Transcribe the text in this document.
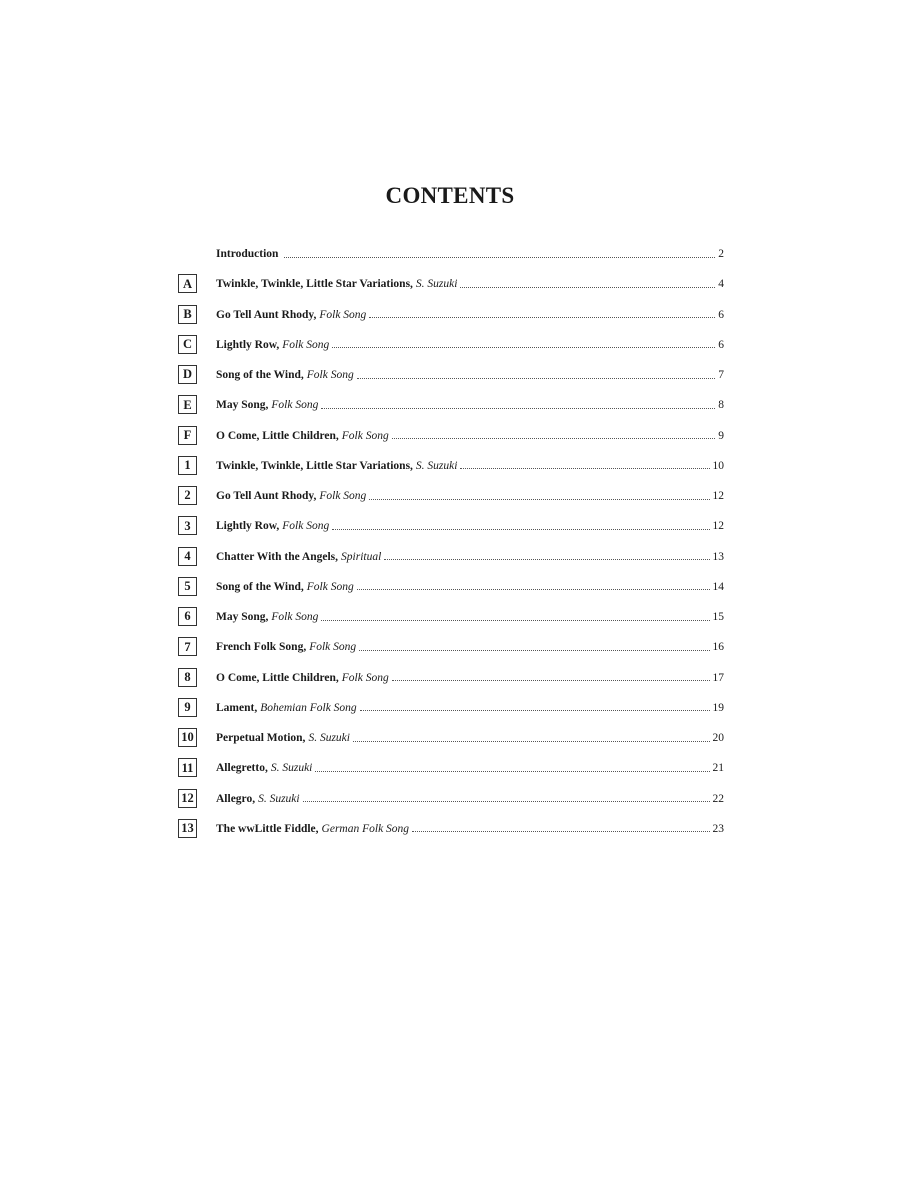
CONTENTS
Introduction	2
A	Twinkle, Twinkle, Little Star Variations, S. Suzuki	4
B	Go Tell Aunt Rhody, Folk Song	6
C	Lightly Row, Folk Song	6
D	Song of the Wind, Folk Song	7
E	May Song, Folk Song	8
F	O Come, Little Children, Folk Song	9
1	Twinkle, Twinkle, Little Star Variations, S. Suzuki	10
2	Go Tell Aunt Rhody, Folk Song	12
3	Lightly Row, Folk Song	12
4	Chatter With the Angels, Spiritual	13
5	Song of the Wind, Folk Song	14
6	May Song, Folk Song	15
7	French Folk Song, Folk Song	16
8	O Come, Little Children, Folk Song	17
9	Lament, Bohemian Folk Song	19
10 Perpetual Motion, S. Suzuki	20
11	Allegretto, S. Suzuki	21
12 Allegro, S. Suzuki	22
13 The wwLittle Fiddle, German Folk Song	23
